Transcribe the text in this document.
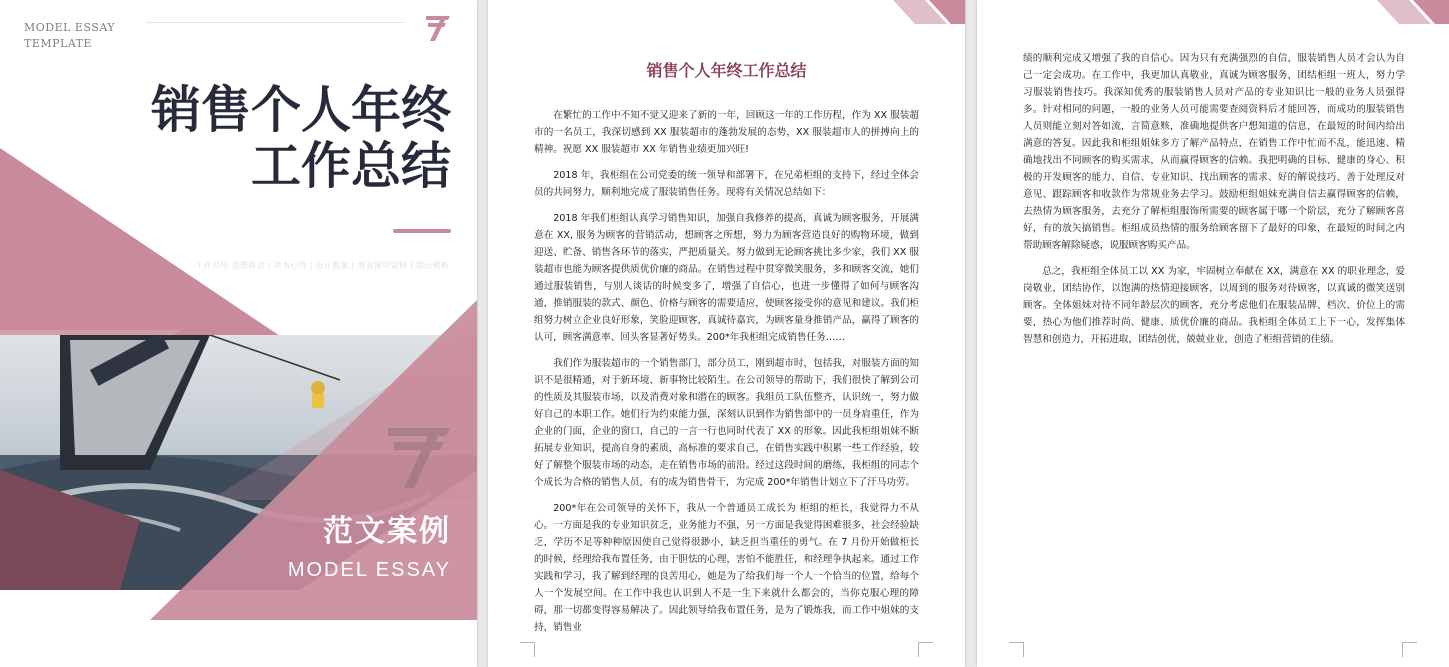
MODEL ESSAY
TEMPLATE
销售个人年终
工作总结
工作总结 思想体会 | 读书心得 | 设计教案 | 商业演讲资料 | 简历模板
范文案例
MODEL ESSAY
销售个人年终工作总结

在繁忙的工作中不知不觉又迎来了新的一年，回顾这一年的工作历程，作为 XX 服装超市的一名员工，我深切感到 XX 服装超市的蓬勃发展的态势，XX 服装超市人的拼搏向上的精神。祝愿 XX 服装超市 XX 年销售业绩更加兴旺!

2018 年，我柜组在公司党委的统一领导和部署下，在兄弟柜组的支持下，经过全体会员的共同努力，顺利地完成了服装销售任务。现将有关情况总结如下：

2018 年我们柜组认真学习销售知识，加强自我修养的提高，真诚为顾客服务，开展满意在 XX, 服务为顾客的营销活动，想顾客之所想，努力为顾客营造良好的购物环境，做到迎送、贮备、销售各环节的落实，严把质量关。努力做到无论顾客挑比多少家，我们 XX 服装超市也能为顾客提供质优价廉的商品。在销售过程中贯穿微笑服务，多和顾客交流，她们通过服装销售，与别人谈话的时候变多了，增强了自信心，也进一步懂得了如何与顾客沟通，推销服装的款式、颜色、价格与顾客的需要适应，使顾客接受你的意见和建议。我们柜组努力树立企业良好形象，笑脸迎顾客，真诚待嘉宾，为顾客量身推销产品，赢得了顾客的认可，顾客满意率、回头客显著好势头。200*年我柜组完成销售任务……

我们作为服装超市的一个销售部门，部分员工，刚到超市时，包括我，对服装方面的知识不是很精通，对于新环境、新事物比较陌生。在公司领导的帮助下，我们很快了解到公司的性质及其服装市场，以及消费对象和潜在的顾客。我组员工队伍整齐，认识统一，努力做好自己的本职工作。她们行为约束能力强，深刻认识到作为销售部中的一员身肩重任，作为企业的门面，企业的窗口，自己的一言一行也同时代表了 XX 的形象。因此我柜组姐妹不断拓展专业知识，提高自身的素质，高标准的要求自己，在销售实践中积累一些工作经验，较好了解整个服装市场的动态，走在销售市场的前沿。经过这段时间的磨练，我柜组的同志个个成长为合格的销售人员，有的成为销售骨干，为完成 200*年销售计划立下了汗马功劳。

200*年在公司领导的关怀下，我从一个普通员工成长为 柜组的柜长，我觉得力不从心。一方面是我的专业知识贫乏，业务能力不强，另一方面是我觉得困难很多，社会经验缺乏，学历不足等种种原因使自己觉得很渺小，缺乏担当重任的勇气。在 7 月份开始做柜长的时候，经理给我布置任务，由于胆怯的心理，害怕不能胜任，和经理争执起来。通过工作实践和学习，我了解到经理的良苦用心，她是为了给我们每一个人一个恰当的位置，给每个人一个发展空间。在工作中我也认识到人不是一生下来就什么都会的，当你克服心理的障碍，那一切都变得容易解决了。因此领导给我布置任务，是为了锻炼我，而工作中姐妹的支持，销售业

绩的顺利完成又增强了我的自信心。因为只有充满强烈的自信，服装销售人员才会认为自己一定会成功。在工作中，我更加认真敬业，真诚为顾客服务，团结柜组一班人，努力学习服装销售技巧。我深知优秀的服装销售人员对产品的专业知识比一般的业务人员强得多。针对相同的问题，一般的业务人员可能需要查阅资料后才能回答，而成功的服装销售人员则能立刻对答如流，言简意赅，准确地提供客户想知道的信息，在最短的时间内给出满意的答复。因此我和柜组姐妹多方了解产品特点，在销售工作中忙而不乱，能迅速、精确地找出不同顾客的购买需求，从而赢得顾客的信赖。我把明确的目标、健康的身心、积极的开发顾客的能力、自信、专业知识、找出顾客的需求、好的解说技巧、善于处理反对意见、跟踪顾客和收款作为常规业务去学习。鼓励柜组姐妹充满自信去赢得顾客的信赖，去热情为顾客服务，去充分了解柜组服饰所需要的顾客属于哪一个阶层，充分了解顾客喜好，有的放矢搞销售。柜组成员热情的服务给顾客留下了最好的印象，在最短的时间之内帮助顾客解除疑惑，说服顾客购买产品。

总之，我柜组全体员工以 XX 为家，牢固树立奉献在 XX，满意在 XX 的职业理念，爱岗敬业，团结协作，以饱满的热情迎接顾客，以周到的服务对待顾客，以真诚的微笑送别顾客。全体姐妹对待不同年龄层次的顾客，充分考虑他们在服装品牌、档次、价位上的需要，热心为他们推荐时尚、健康、质优价廉的商品。我柜组全体员工上下一心，发挥集体智慧和创造力，开拓进取，团结创优，兢兢业业，创造了柜组营销的佳绩。
